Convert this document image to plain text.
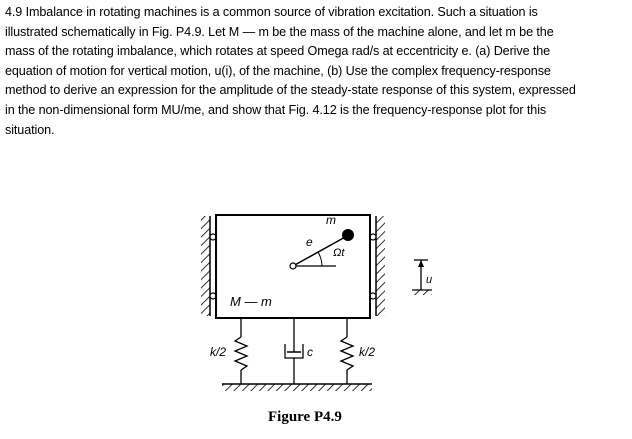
4.9 Imbalance in rotating machines is a common source of vibration excitation. Such a situation is
illustrated schematically in Fig. P4.9. Let M — m be the mass of the machine alone, and let m be the
mass of the rotating imbalance, which rotates at speed Omega rad/s at eccentricity e. (a) Derive the
equation of motion for vertical motion, u(i), of the machine, (b) Use the complex frequency-response
method to derive an expression for the amplitude of the steady-state response of this system, expressed
in the non-dimensional form MU/me, and show that Fig. 4.12 is the frequency-response plot for this
situation.
m
e
Ωt
M — m
u
k/2	c	k/2
Figure P4.9
